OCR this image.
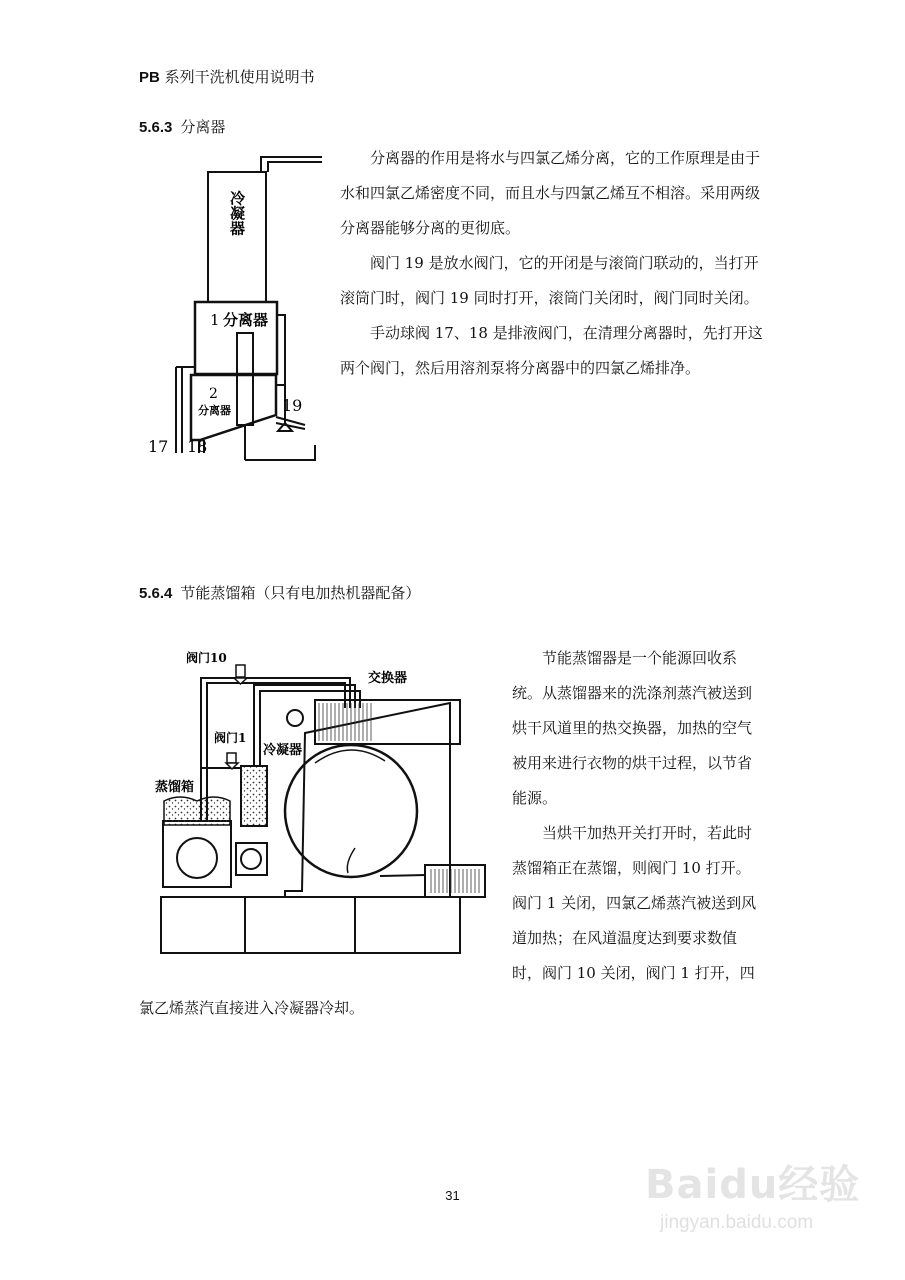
PB 系列干洗机使用说明书
5.6.3 分离器
冷凝器
1 分离器
2
分离器	19
17 18

分离器的作用是将水与四氯乙烯分离，它的工作原理是由于水和四氯乙烯密度不同，而且水与四氯乙烯互不相溶。采用两级分离器能够分离的更彻底。

阀门 19 是放水阀门，它的开闭是与滚筒门联动的，当打开滚筒门时，阀门 19 同时打开，滚筒门关闭时，阀门同时关闭。

手动球阀 17、18 是排液阀门，在清理分离器时，先打开这两个阀门，然后用溶剂泵将分离器中的四氯乙烯排净。

5.6.4 节能蒸馏箱（只有电加热机器配备）
阀门10
阀门1
交换器
冷凝器
蒸馏箱

节能蒸馏器是一个能源回收系

统。从蒸馏器来的洗涤剂蒸汽被送到

烘干风道里的热交换器，加热的空气

被用来进行衣物的烘干过程，以节省

能源。

当烘干加热开关打开时，若此时

蒸馏箱正在蒸馏，则阀门 10 打开。

阀门 1 关闭，四氯乙烯蒸汽被送到风

道加热；在风道温度达到要求数值

时，阀门 10 关闭，阀门 1 打开，四

氯乙烯蒸汽直接进入冷凝器冷却。

31	Baidu经验
jingyan.baidu.com
